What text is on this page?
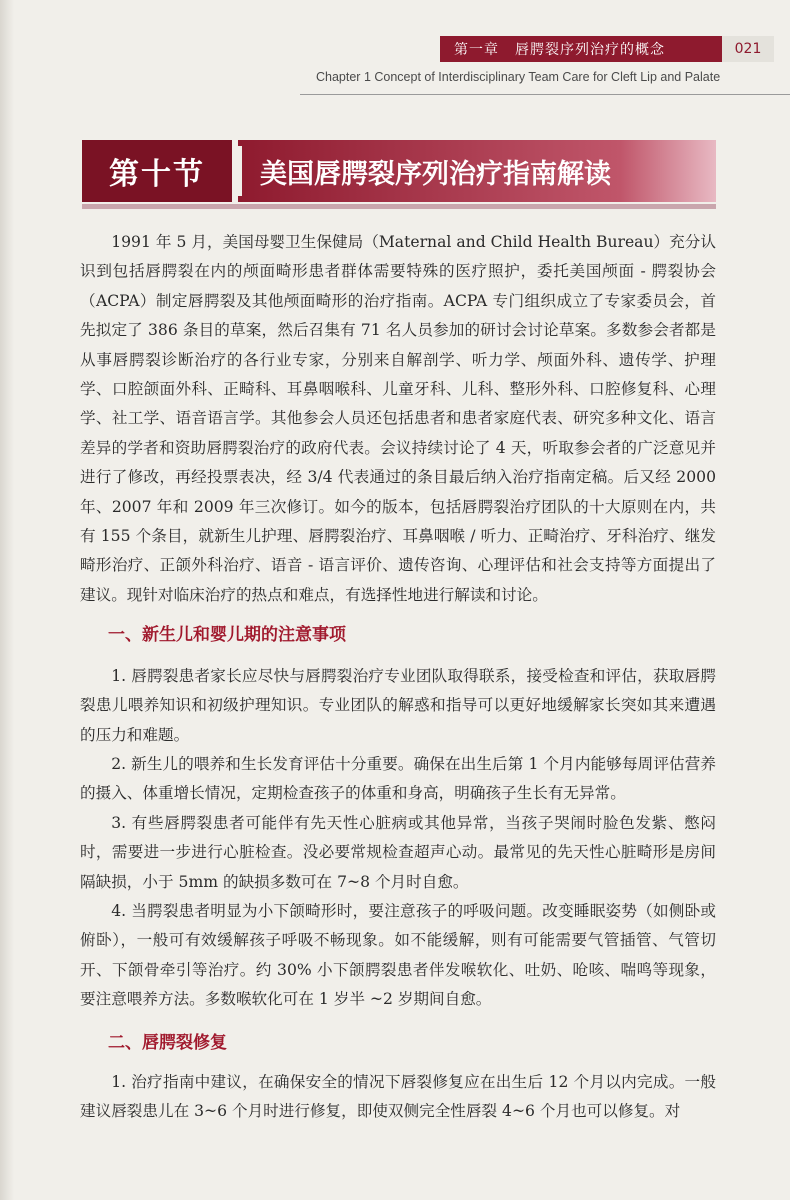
第一章 唇腭裂序列治疗的概念	021
Chapter 1 Concept of Interdisciplinary Team Care for Cleft Lip and Palate
第十节	美国唇腭裂序列治疗指南解读

1991 年 5 月，美国母婴卫生保健局（Maternal and Child Health Bureau）充分认识到包括唇腭裂在内的颅面畸形患者群体需要特殊的医疗照护，委托美国颅面 - 腭裂协会（ACPA）制定唇腭裂及其他颅面畸形的治疗指南。ACPA 专门组织成立了专家委员会，首先拟定了 386 条目的草案，然后召集有 71 名人员参加的研讨会讨论草案。多数参会者都是从事唇腭裂诊断治疗的各行业专家，分别来自解剖学、听力学、颅面外科、遗传学、护理学、口腔颌面外科、正畸科、耳鼻咽喉科、儿童牙科、儿科、整形外科、口腔修复科、心理学、社工学、语音语言学。其他参会人员还包括患者和患者家庭代表、研究多种文化、语言差异的学者和资助唇腭裂治疗的政府代表。会议持续讨论了 4 天，听取参会者的广泛意见并进行了修改，再经投票表决，经 3/4 代表通过的条目最后纳入治疗指南定稿。后又经 2000 年、2007 年和 2009 年三次修订。如今的版本，包括唇腭裂治疗团队的十大原则在内，共有 155 个条目，就新生儿护理、唇腭裂治疗、耳鼻咽喉 / 听力、正畸治疗、牙科治疗、继发畸形治疗、正颌外科治疗、语音 - 语言评价、遗传咨询、心理评估和社会支持等方面提出了建议。现针对临床治疗的热点和难点，有选择性地进行解读和讨论。

一、新生儿和婴儿期的注意事项

1. 唇腭裂患者家长应尽快与唇腭裂治疗专业团队取得联系，接受检查和评估，获取唇腭裂患儿喂养知识和初级护理知识。专业团队的解惑和指导可以更好地缓解家长突如其来遭遇的压力和难题。

2. 新生儿的喂养和生长发育评估十分重要。确保在出生后第 1 个月内能够每周评估营养的摄入、体重增长情况，定期检查孩子的体重和身高，明确孩子生长有无异常。

3. 有些唇腭裂患者可能伴有先天性心脏病或其他异常，当孩子哭闹时脸色发紫、憋闷时，需要进一步进行心脏检查。没必要常规检查超声心动。最常见的先天性心脏畸形是房间隔缺损，小于 5mm 的缺损多数可在 7~8 个月时自愈。

4. 当腭裂患者明显为小下颌畸形时，要注意孩子的呼吸问题。改变睡眠姿势（如侧卧或俯卧），一般可有效缓解孩子呼吸不畅现象。如不能缓解，则有可能需要气管插管、气管切开、下颌骨牵引等治疗。约 30% 小下颌腭裂患者伴发喉软化、吐奶、呛咳、喘鸣等现象，要注意喂养方法。多数喉软化可在 1 岁半 ~2 岁期间自愈。

二、唇腭裂修复

1. 治疗指南中建议，在确保安全的情况下唇裂修复应在出生后 12 个月以内完成。一般建议唇裂患儿在 3~6 个月时进行修复，即使双侧完全性唇裂 4~6 个月也可以修复。对
